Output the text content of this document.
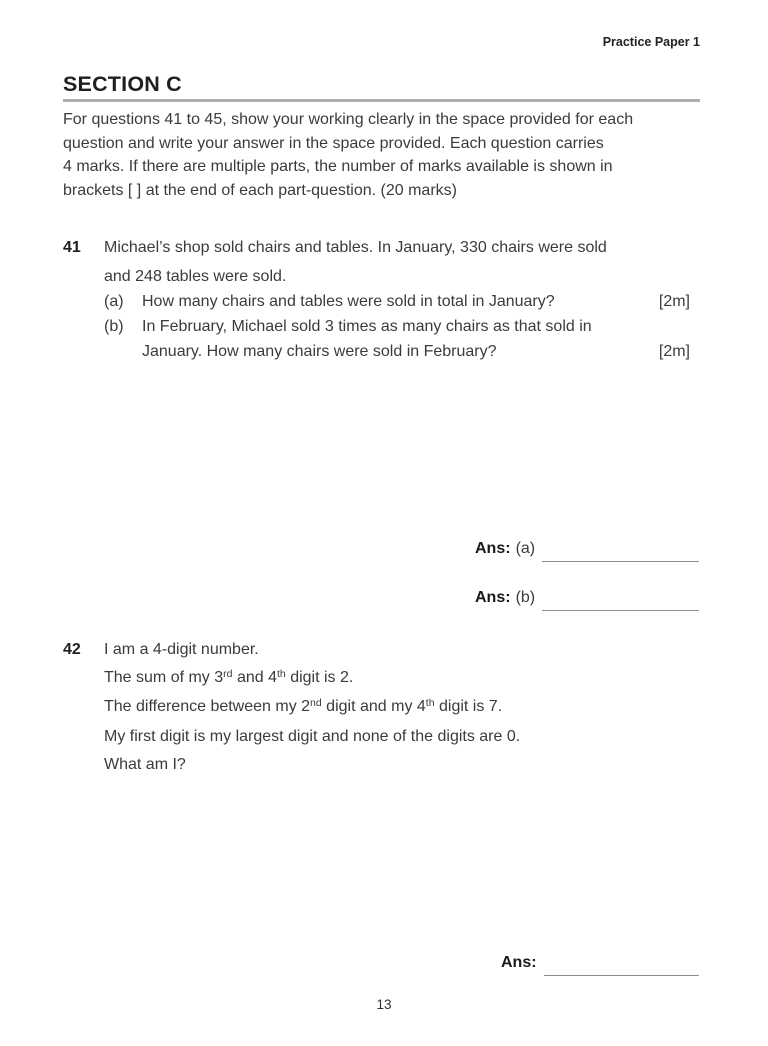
Practice Paper 1
SECTION C
For questions 41 to 45, show your working clearly in the space provided for each
question and write your answer in the space provided. Each question carries
4 marks. If there are multiple parts, the number of marks available is shown in
brackets [ ] at the end of each part-question. (20 marks)
41 Michael’s shop sold chairs and tables. In January, 330 chairs were sold
and 248 tables were sold.
(a) How many chairs and tables were sold in total in January?	[2m]
(b) In February, Michael sold 3 times as many chairs as that sold in
January. How many chairs were sold in February?	[2m]
Ans: (a)
Ans: (b)
42 I am a 4-digit number.
The sum of my 3rd and 4th digit is 2.
The difference between my 2nd digit and my 4th digit is 7.
My first digit is my largest digit and none of the digits are 0.
What am I?
Ans:
13
